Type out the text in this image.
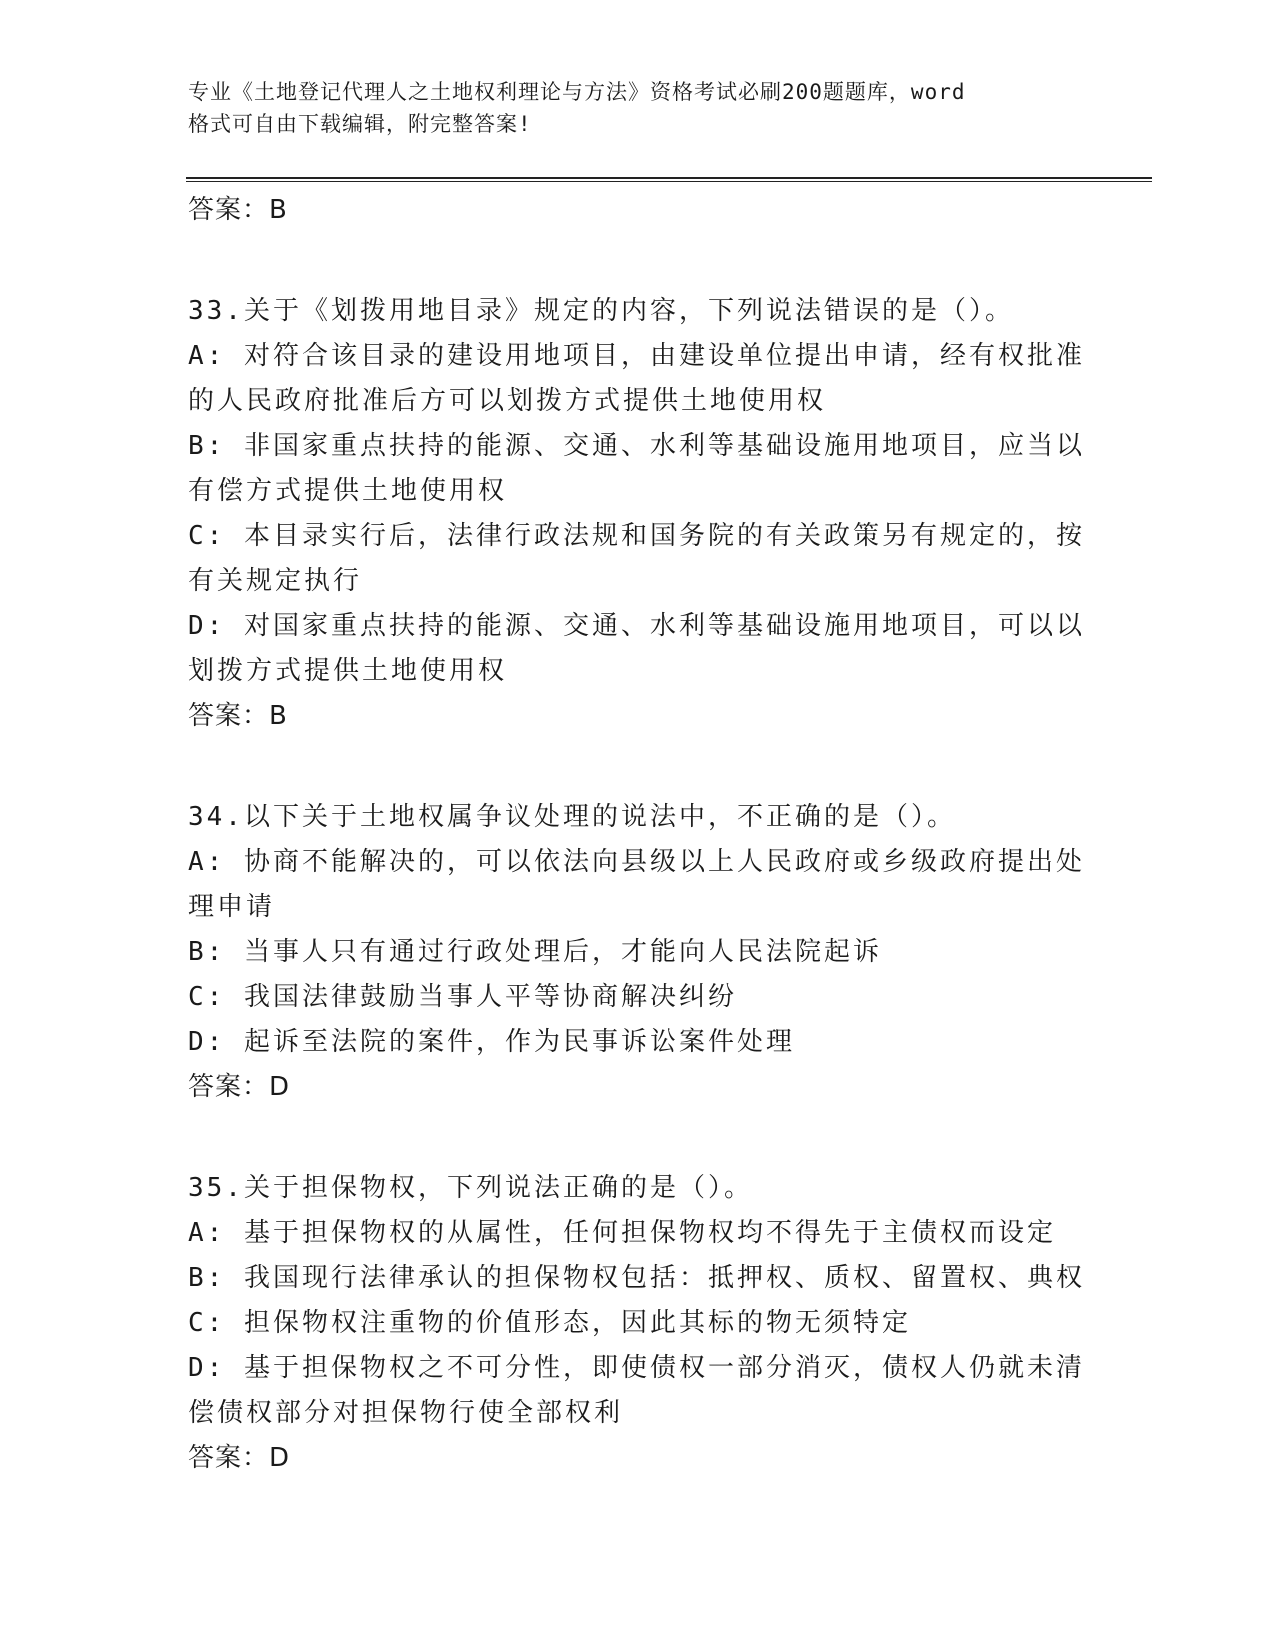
专业《土地登记代理人之土地权利理论与方法》资格考试必刷200题题库，word
格式可自由下载编辑，附完整答案!
答案：B
33.关于《划拨用地目录》规定的内容，下列说法错误的是（）。
A: 对符合该目录的建设用地项目，由建设单位提出申请，经有权批准
的人民政府批准后方可以划拨方式提供土地使用权
B: 非国家重点扶持的能源、交通、水利等基础设施用地项目，应当以
有偿方式提供土地使用权
C: 本目录实行后，法律行政法规和国务院的有关政策另有规定的，按
有关规定执行
D: 对国家重点扶持的能源、交通、水利等基础设施用地项目，可以以
划拨方式提供土地使用权
答案：B
34.以下关于土地权属争议处理的说法中，不正确的是（）。
A: 协商不能解决的，可以依法向县级以上人民政府或乡级政府提出处
理申请
B: 当事人只有通过行政处理后，才能向人民法院起诉
C: 我国法律鼓励当事人平等协商解决纠纷
D: 起诉至法院的案件，作为民事诉讼案件处理
答案：D
35.关于担保物权，下列说法正确的是（）。
A: 基于担保物权的从属性，任何担保物权均不得先于主债权而设定
B: 我国现行法律承认的担保物权包括：抵押权、质权、留置权、典权
C: 担保物权注重物的价值形态，因此其标的物无须特定
D: 基于担保物权之不可分性，即使债权一部分消灭，债权人仍就未清
偿债权部分对担保物行使全部权利
答案：D
